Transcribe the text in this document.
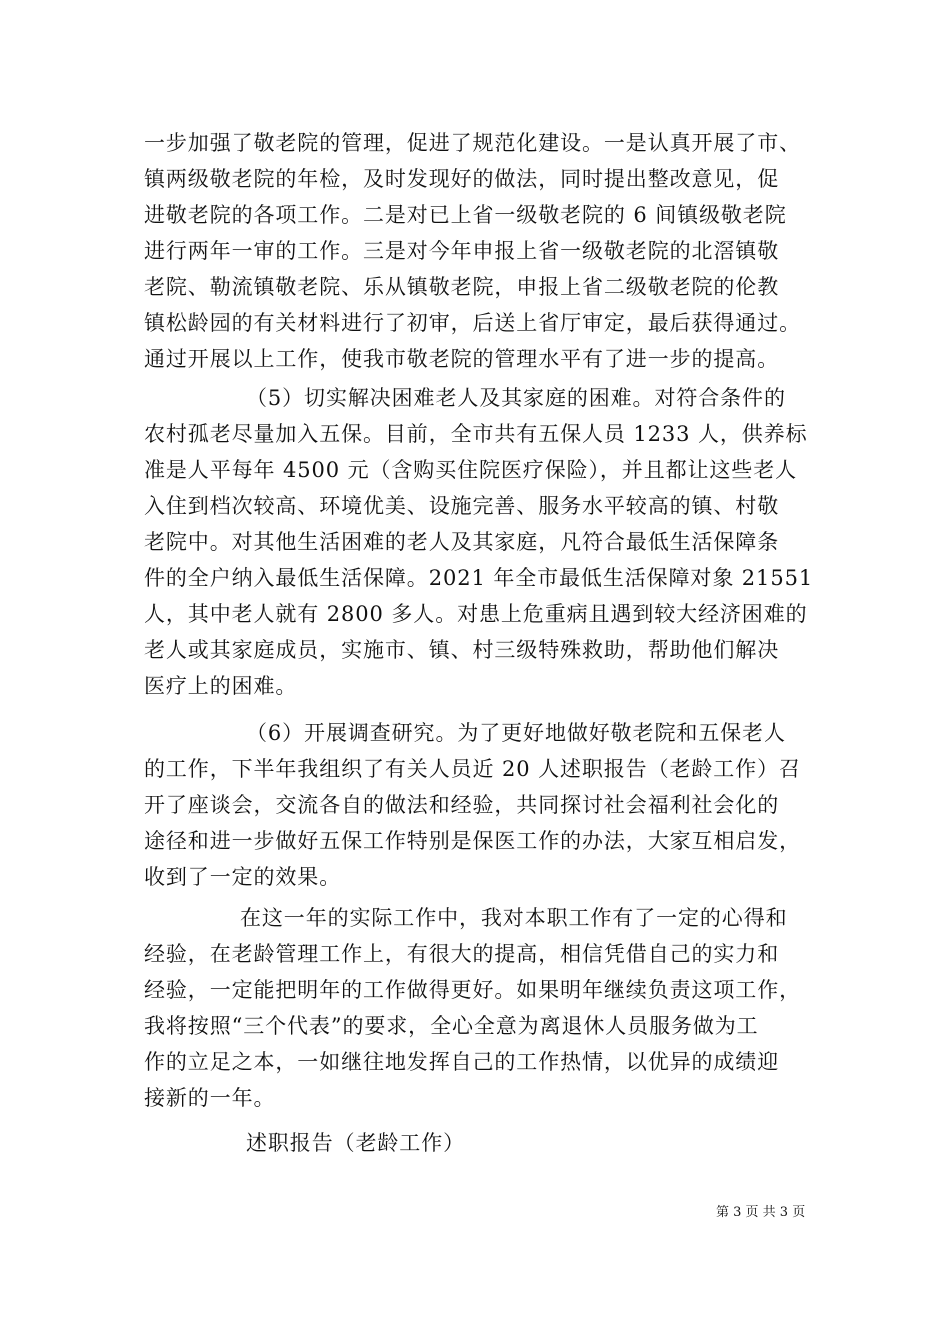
一步加强了敬老院的管理，促进了规范化建设。一是认真开展了市、
镇两级敬老院的年检，及时发现好的做法，同时提出整改意见，促
进敬老院的各项工作。二是对已上省一级敬老院的 6 间镇级敬老院
进行两年一审的工作。三是对今年申报上省一级敬老院的北滘镇敬
老院、勒流镇敬老院、乐从镇敬老院，申报上省二级敬老院的伦教
镇松龄园的有关材料进行了初审，后送上省厅审定，最后获得通过。
通过开展以上工作，使我市敬老院的管理水平有了进一步的提高。
（5）切实解决困难老人及其家庭的困难。对符合条件的
农村孤老尽量加入五保。目前，全市共有五保人员 1233 人，供养标
准是人平每年 4500 元（含购买住院医疗保险），并且都让这些老人
入住到档次较高、环境优美、设施完善、服务水平较高的镇、村敬
老院中。对其他生活困难的老人及其家庭，凡符合最低生活保障条
件的全户纳入最低生活保障。2021 年全市最低生活保障对象 21551
人，其中老人就有 2800 多人。对患上危重病且遇到较大经济困难的
老人或其家庭成员，实施市、镇、村三级特殊救助，帮助他们解决
医疗上的困难。
（6）开展调查研究。为了更好地做好敬老院和五保老人
的工作，下半年我组织了有关人员近 20 人述职报告（老龄工作）召
开了座谈会，交流各自的做法和经验，共同探讨社会福利社会化的
途径和进一步做好五保工作特别是保医工作的办法，大家互相启发，
收到了一定的效果。
在这一年的实际工作中，我对本职工作有了一定的心得和
经验，在老龄管理工作上，有很大的提高，相信凭借自己的实力和
经验，一定能把明年的工作做得更好。如果明年继续负责这项工作，
我将按照“三个代表”的要求，全心全意为离退休人员服务做为工
作的立足之本，一如继往地发挥自己的工作热情，以优异的成绩迎
接新的一年。
述职报告（老龄工作）
第 3 页 共 3 页
